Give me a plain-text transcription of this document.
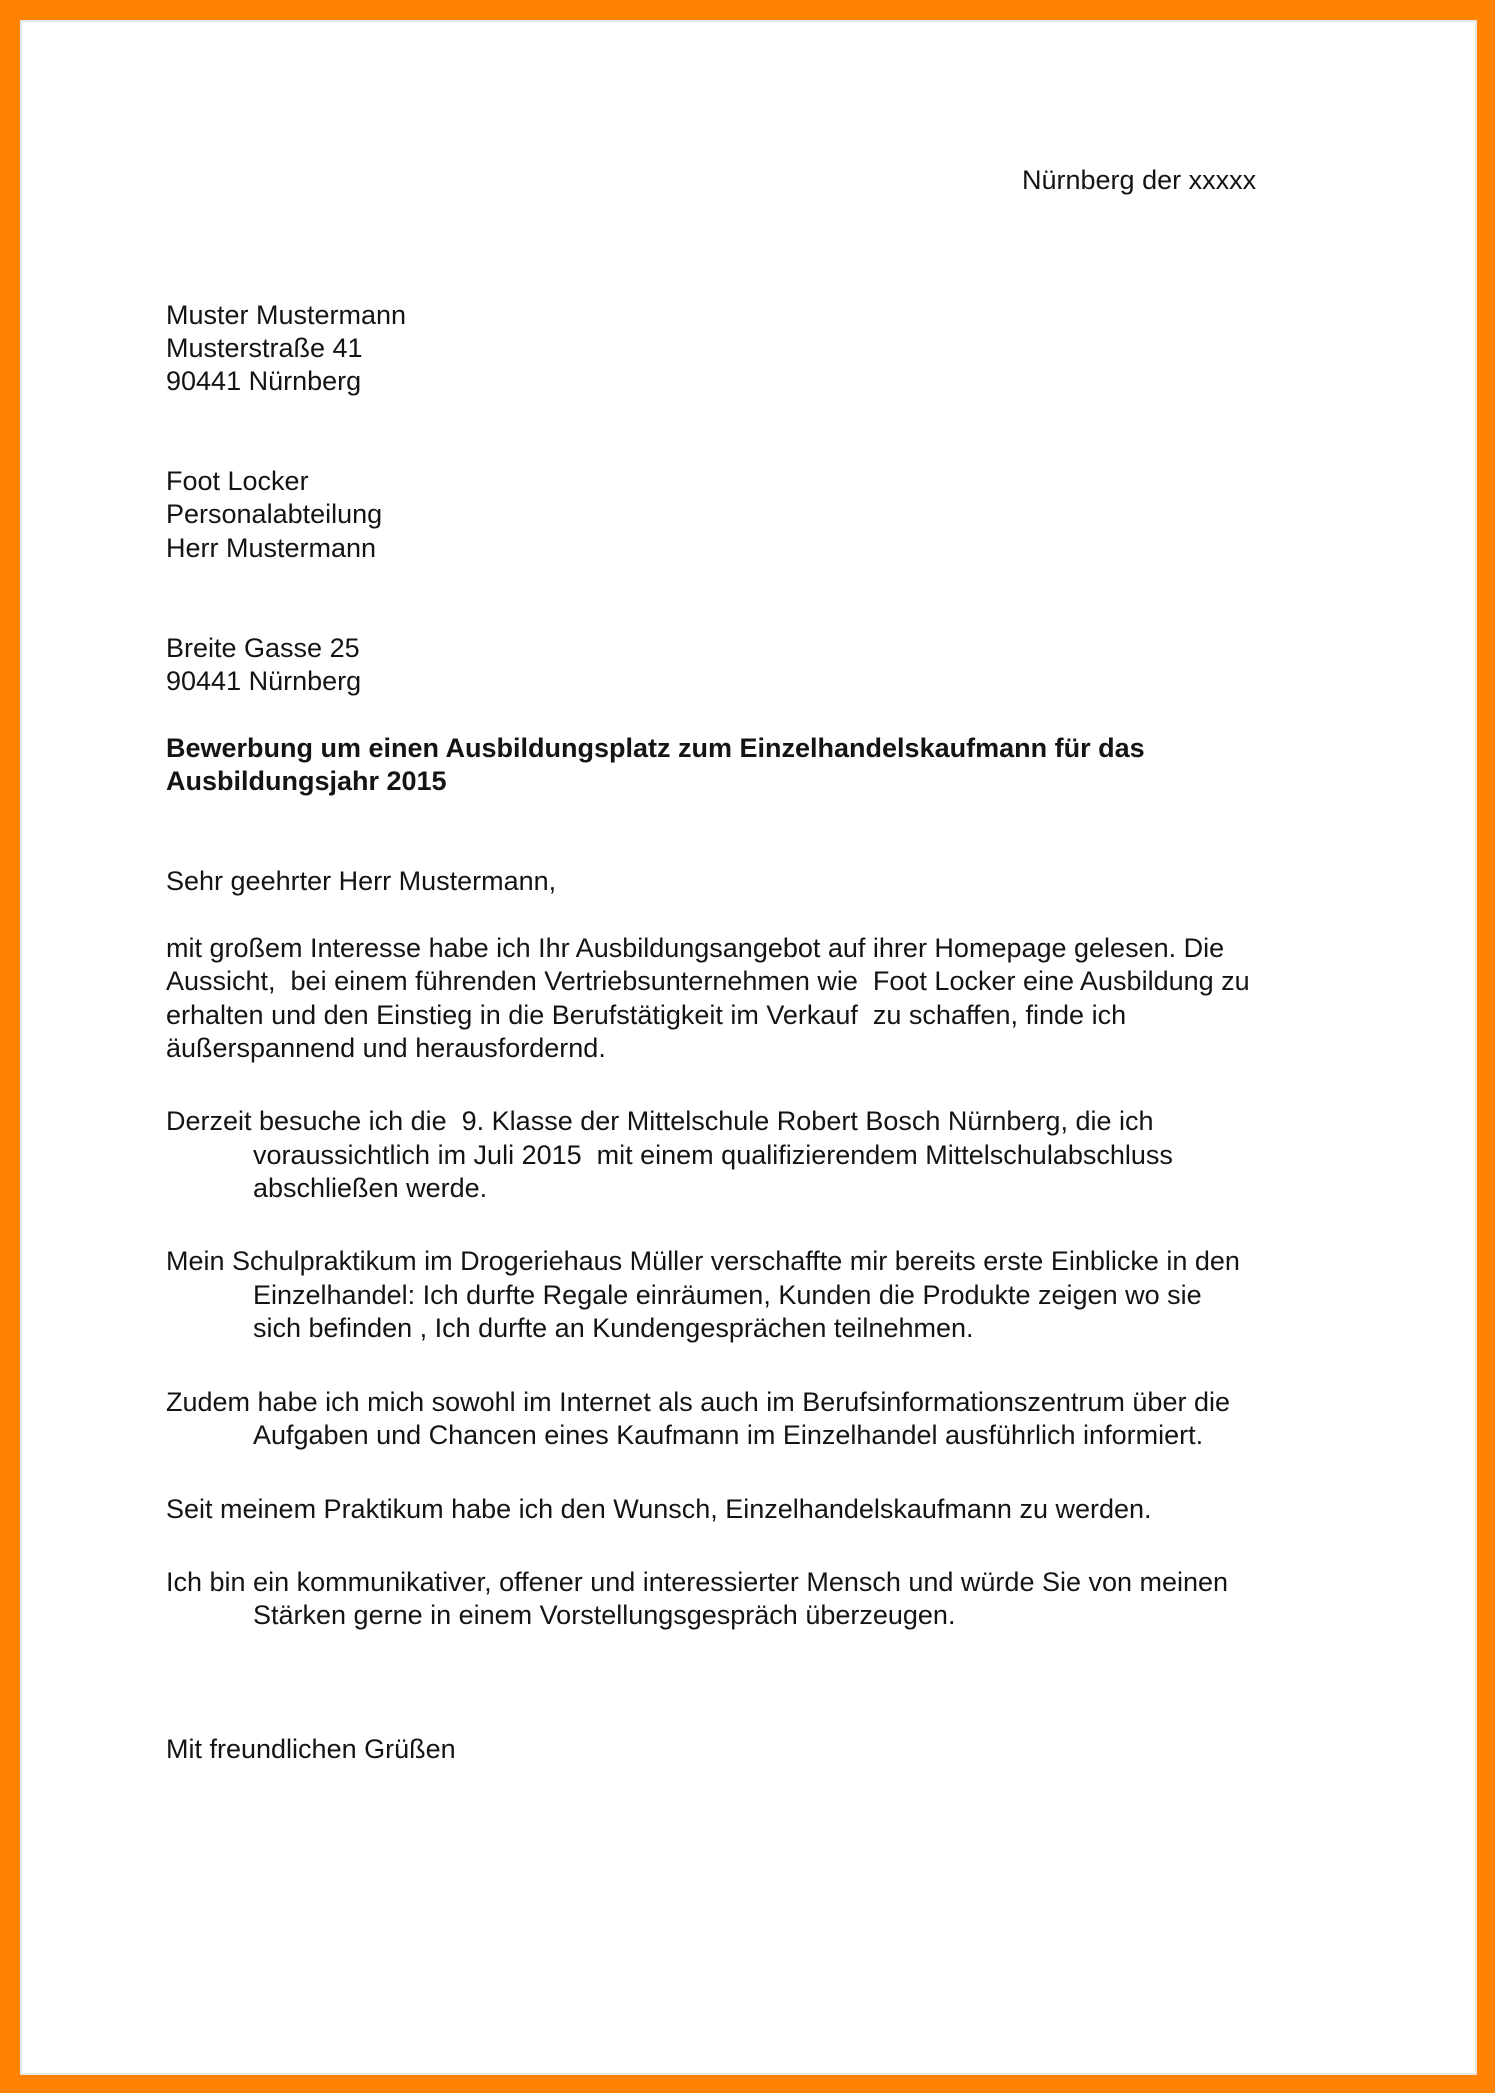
Nürnberg der xxxxx
Muster Mustermann
Musterstraße 41
90441 Nürnberg
Foot Locker
Personalabteilung
Herr Mustermann
Breite Gasse 25
90441 Nürnberg
Bewerbung um einen Ausbildungsplatz zum Einzelhandelskaufmann für das
Ausbildungsjahr 2015
Sehr geehrter Herr Mustermann,
mit großem Interesse habe ich Ihr Ausbildungsangebot auf ihrer Homepage gelesen. Die
Aussicht,  bei einem führenden Vertriebsunternehmen wie  Foot Locker eine Ausbildung zu
erhalten und den Einstieg in die Berufstätigkeit im Verkauf  zu schaffen, finde ich
äußerspannend und herausfordernd.
Derzeit besuche ich die  9. Klasse der Mittelschule Robert Bosch Nürnberg, die ich
voraussichtlich im Juli 2015  mit einem qualifizierendem Mittelschulabschluss
abschließen werde.
Mein Schulpraktikum im Drogeriehaus Müller verschaffte mir bereits erste Einblicke in den
Einzelhandel: Ich durfte Regale einräumen, Kunden die Produkte zeigen wo sie
sich befinden , Ich durfte an Kundengesprächen teilnehmen.
Zudem habe ich mich sowohl im Internet als auch im Berufsinformationszentrum über die
Aufgaben und Chancen eines Kaufmann im Einzelhandel ausführlich informiert.
Seit meinem Praktikum habe ich den Wunsch, Einzelhandelskaufmann zu werden.
Ich bin ein kommunikativer, offener und interessierter Mensch und würde Sie von meinen
Stärken gerne in einem Vorstellungsgespräch überzeugen.
Mit freundlichen Grüßen
